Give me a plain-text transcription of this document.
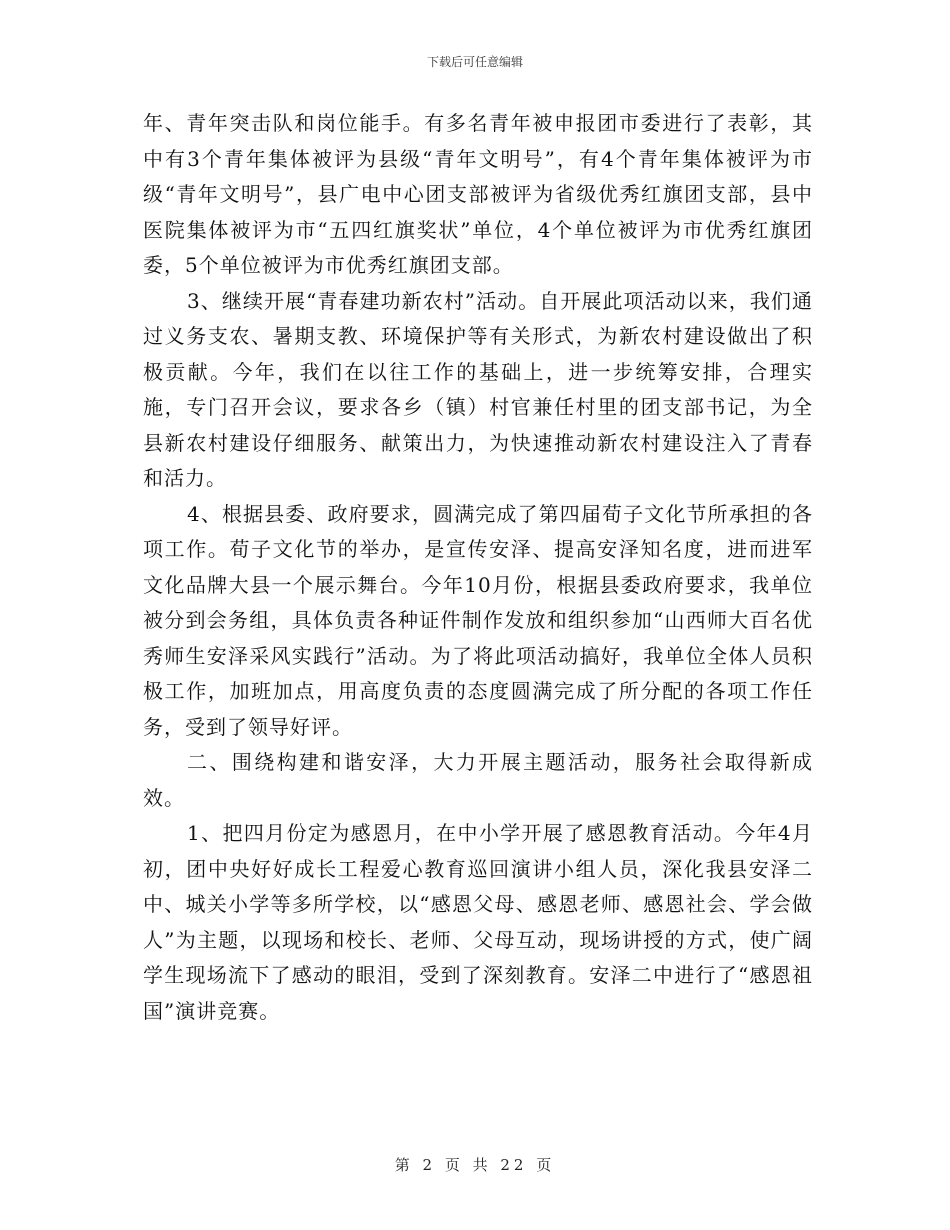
下载后可任意编辑

年、青年突击队和岗位能手。有多名青年被申报团市委进行了表彰，其中有3个青年集体被评为县级“青年文明号”，有4个青年集体被评为市级“青年文明号”，县广电中心团支部被评为省级优秀红旗团支部，县中医院集体被评为市“五四红旗奖状”单位，4个单位被评为市优秀红旗团委，5个单位被评为市优秀红旗团支部。

3、继续开展“青春建功新农村”活动。自开展此项活动以来，我们通过义务支农、暑期支教、环境保护等有关形式，为新农村建设做出了积极贡献。今年，我们在以往工作的基础上，进一步统筹安排，合理实施，专门召开会议，要求各乡（镇）村官兼任村里的团支部书记，为全县新农村建设仔细服务、献策出力，为快速推动新农村建设注入了青春和活力。

4、根据县委、政府要求，圆满完成了第四届荀子文化节所承担的各项工作。荀子文化节的举办，是宣传安泽、提高安泽知名度，进而进军文化品牌大县一个展示舞台。今年10月份，根据县委政府要求，我单位被分到会务组，具体负责各种证件制作发放和组织参加“山西师大百名优秀师生安泽采风实践行”活动。为了将此项活动搞好，我单位全体人员积极工作，加班加点，用高度负责的态度圆满完成了所分配的各项工作任务，受到了领导好评。

二、围绕构建和谐安泽，大力开展主题活动，服务社会取得新成效。

1、把四月份定为感恩月，在中小学开展了感恩教育活动。今年4月初，团中央好好成长工程爱心教育巡回演讲小组人员，深化我县安泽二中、城关小学等多所学校，以“感恩父母、感恩老师、感恩社会、学会做人”为主题，以现场和校长、老师、父母互动，现场讲授的方式，使广阔学生现场流下了感动的眼泪，受到了深刻教育。安泽二中进行了“感恩祖国”演讲竞赛。

第 2 页 共 22 页
